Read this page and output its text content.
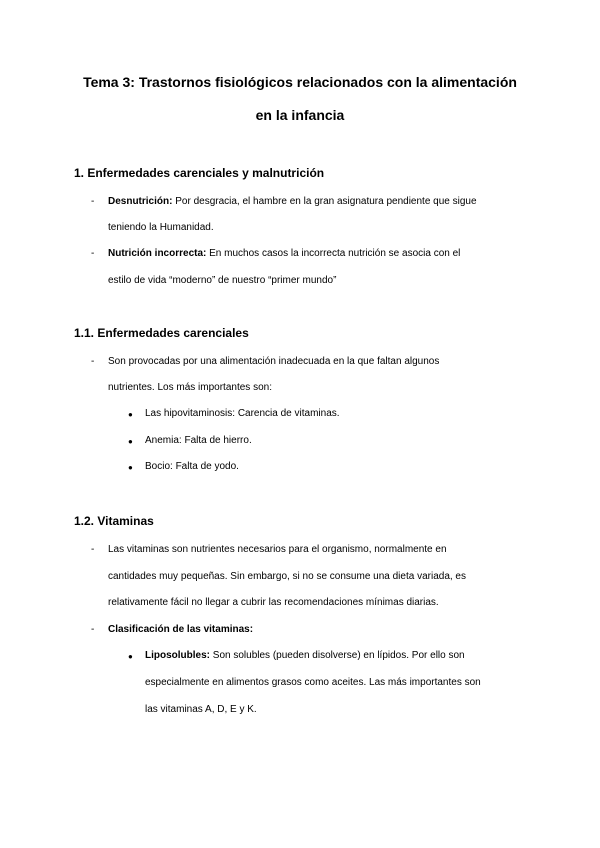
Tema 3: Trastornos fisiológicos relacionados con la alimentación
en la infancia
1. Enfermedades carenciales y malnutrición
- Desnutrición: Por desgracia, el hambre en la gran asignatura pendiente que sigue
teniendo la Humanidad.
- Nutrición incorrecta: En muchos casos la incorrecta nutrición se asocia con el
estilo de vida “moderno” de nuestro “primer mundo”
1.1. Enfermedades carenciales
- Son provocadas por una alimentación inadecuada en la que faltan algunos
nutrientes. Los más importantes son:
● Las hipovitaminosis: Carencia de vitaminas.
● Anemia: Falta de hierro.
● Bocio: Falta de yodo.
1.2. Vitaminas
- Las vitaminas son nutrientes necesarios para el organismo, normalmente en
cantidades muy pequeñas. Sin embargo, si no se consume una dieta variada, es
relativamente fácil no llegar a cubrir las recomendaciones mínimas diarias.
- Clasificación de las vitaminas:
● Liposolubles: Son solubles (pueden disolverse) en lípidos. Por ello son
especialmente en alimentos grasos como aceites. Las más importantes son
las vitaminas A, D, E y K.
